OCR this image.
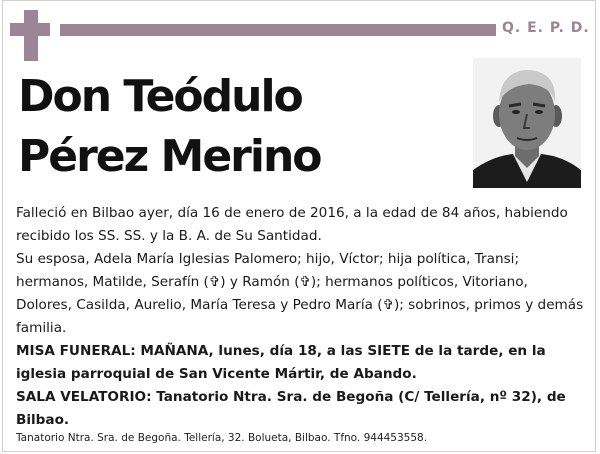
Q. E. P. D.
Don Teódulo
Pérez Merino

Falleció en Bilbao ayer, día 16 de enero de 2016, a la edad de 84 años, habiendo recibido los SS. SS. y la B. A. de Su Santidad.

Su esposa, Adela María Iglesias Palomero; hijo, Víctor; hija política, Transi; hermanos, Matilde, Serafín (✞) y Ramón (✞); hermanos políticos, Vitoriano, Dolores, Casilda, Aurelio, María Teresa y Pedro María (✞); sobrinos, primos y demás familia.

MISA FUNERAL: MAÑANA, lunes, día 18, a las SIETE de la tarde, en la iglesia parroquial de San Vicente Mártir, de Abando.

SALA VELATORIO: Tanatorio Ntra. Sra. de Begoña (C/ Tellería, nº 32), de Bilbao.

Tanatorio Ntra. Sra. de Begoña. Tellería, 32. Bolueta, Bilbao. Tfno. 944453558.
